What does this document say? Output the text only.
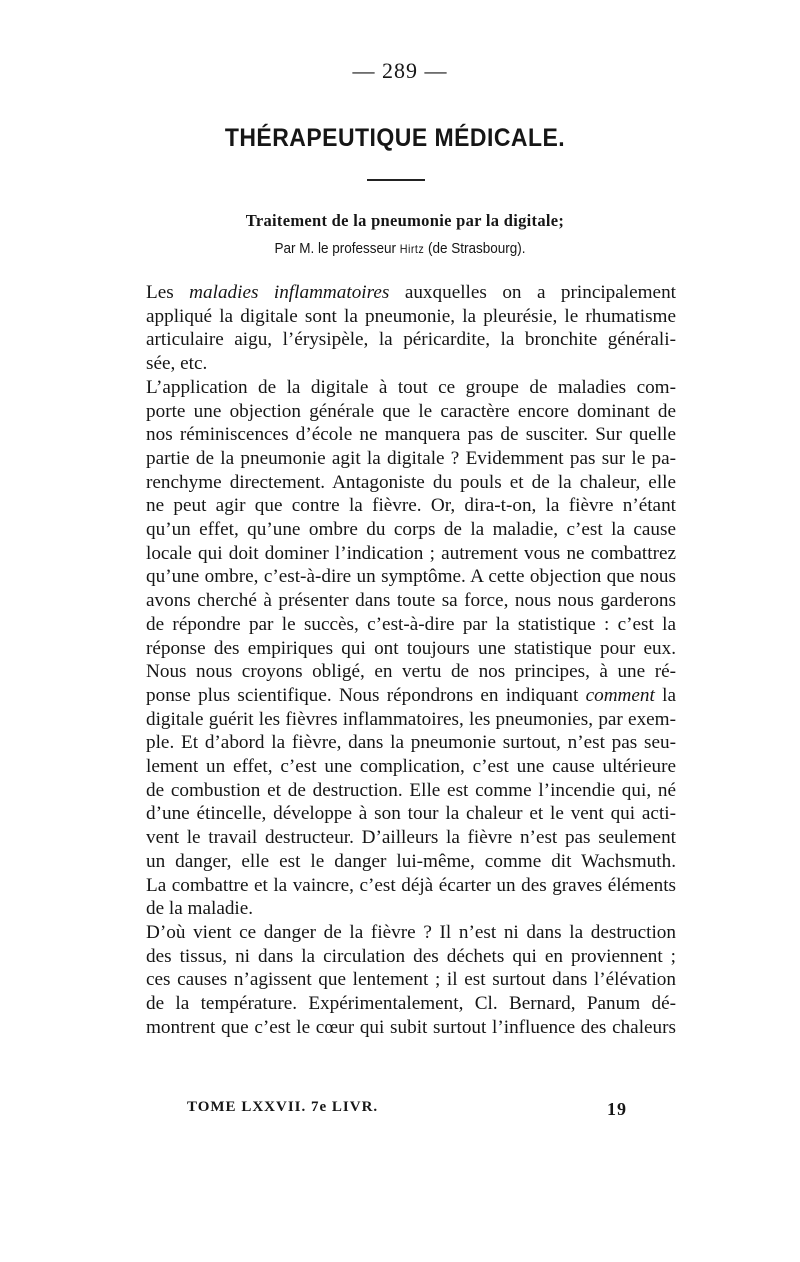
— 289 —
THÉRAPEUTIQUE MÉDICALE.
Traitement de la pneumonie par la digitale;
Par M. le professeur Hirtz (de Strasbourg).

Les maladies inflammatoires auxquelles on a principalement
appliqué la digitale sont la pneumonie, la pleurésie, le rhumatisme
articulaire aigu, l’érysipèle, la péricardite, la bronchite générali-
sée, etc.

L’application de la digitale à tout ce groupe de maladies com-
porte une objection générale que le caractère encore dominant de
nos réminiscences d’école ne manquera pas de susciter. Sur quelle
partie de la pneumonie agit la digitale ? Evidemment pas sur le pa-
renchyme directement. Antagoniste du pouls et de la chaleur, elle
ne peut agir que contre la fièvre. Or, dira-t-on, la fièvre n’étant
qu’un effet, qu’une ombre du corps de la maladie, c’est la cause
locale qui doit dominer l’indication ; autrement vous ne combattrez
qu’une ombre, c’est-à-dire un symptôme. A cette objection que nous
avons cherché à présenter dans toute sa force, nous nous garderons
de répondre par le succès, c’est-à-dire par la statistique : c’est la
réponse des empiriques qui ont toujours une statistique pour eux.
Nous nous croyons obligé, en vertu de nos principes, à une ré-
ponse plus scientifique. Nous répondrons en indiquant comment la
digitale guérit les fièvres inflammatoires, les pneumonies, par exem-
ple. Et d’abord la fièvre, dans la pneumonie surtout, n’est pas seu-
lement un effet, c’est une complication, c’est une cause ultérieure
de combustion et de destruction. Elle est comme l’incendie qui, né
d’une étincelle, développe à son tour la chaleur et le vent qui acti-
vent le travail destructeur. D’ailleurs la fièvre n’est pas seulement
un danger, elle est le danger lui-même, comme dit Wachsmuth.
La combattre et la vaincre, c’est déjà écarter un des graves éléments
de la maladie.

D’où vient ce danger de la fièvre ? Il n’est ni dans la destruction
des tissus, ni dans la circulation des déchets qui en proviennent ;
ces causes n’agissent que lentement ; il est surtout dans l’élévation
de la température. Expérimentalement, Cl. Bernard, Panum dé-
montrent que c’est le cœur qui subit surtout l’influence des chaleurs

TOME LXXVII. 7e LIVR.	19
